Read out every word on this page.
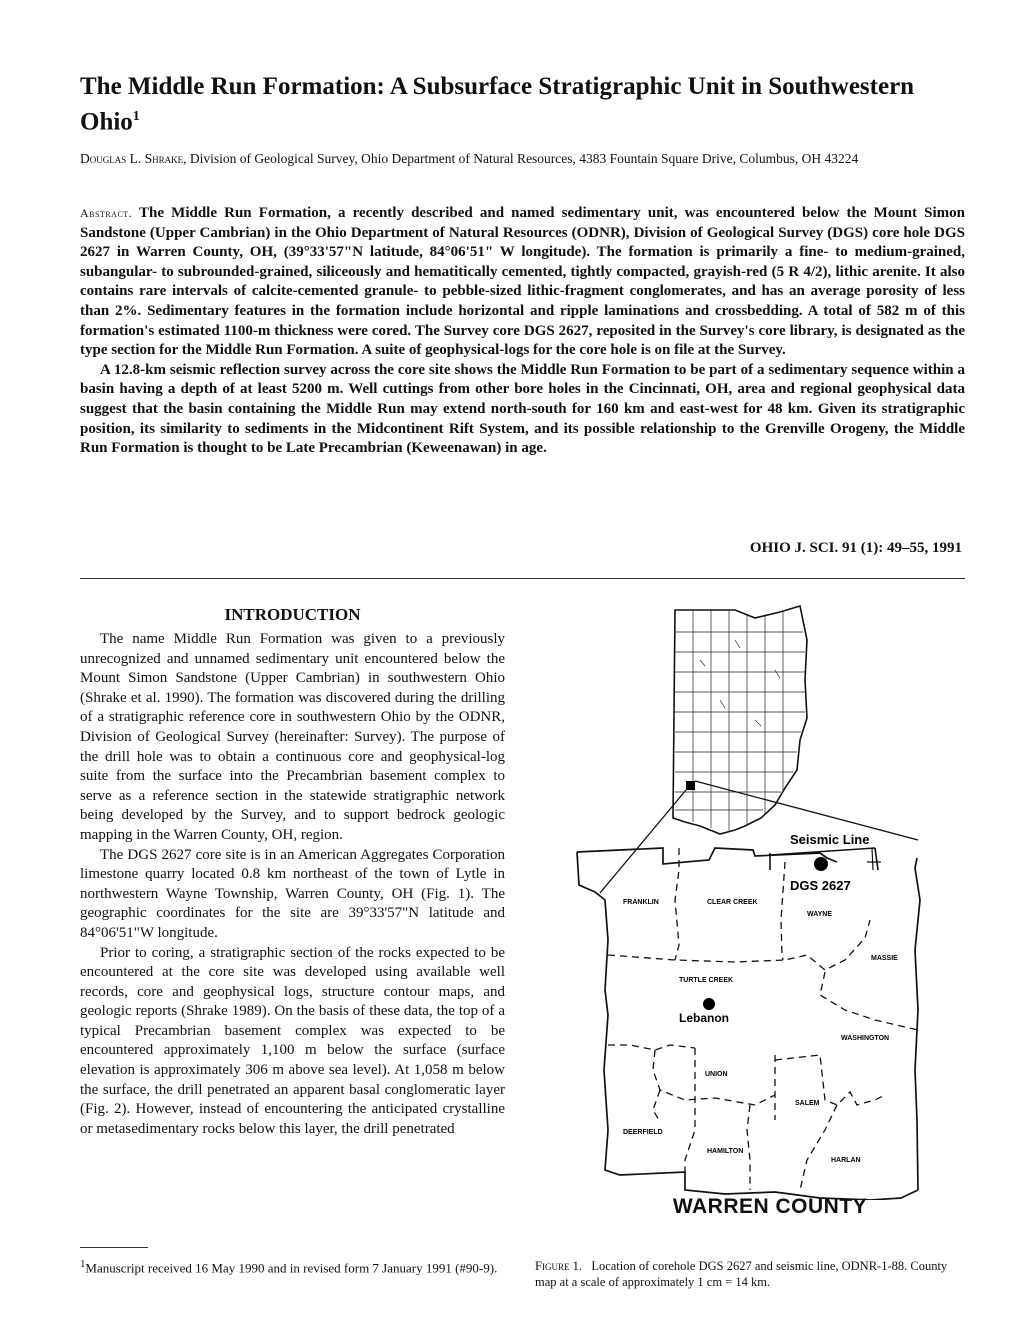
The Middle Run Formation: A Subsurface Stratigraphic Unit in Southwestern Ohio$^1$
Douglas L. Shrake, Division of Geological Survey, Ohio Department of Natural Resources, 4383 Fountain Square Drive, Columbus, OH 43224

Abstract. The Middle Run Formation, a recently described and named sedimentary unit, was encountered below the Mount Simon Sandstone (Upper Cambrian) in the Ohio Department of Natural Resources (ODNR), Division of Geological Survey (DGS) core hole DGS 2627 in Warren County, OH, (39°33'57"N latitude, 84°06'51" W longitude). The formation is primarily a fine- to medium-grained, subangular- to subrounded-grained, siliceously and hematitically cemented, tightly compacted, grayish-red (5 R 4/2), lithic arenite. It also contains rare intervals of calcite-cemented granule- to pebble-sized lithic-fragment conglomerates, and has an average porosity of less than 2%. Sedimentary features in the formation include horizontal and ripple laminations and crossbedding. A total of 582 m of this formation's estimated 1100-m thickness were cored. The Survey core DGS 2627, reposited in the Survey's core library, is designated as the type section for the Middle Run Formation. A suite of geophysical-logs for the core hole is on file at the Survey.

A 12.8-km seismic reflection survey across the core site shows the Middle Run Formation to be part of a sedimentary sequence within a basin having a depth of at least 5200 m. Well cuttings from other bore holes in the Cincinnati, OH, area and regional geophysical data suggest that the basin containing the Middle Run may extend north-south for 160 km and east-west for 48 km. Given its stratigraphic position, its similarity to sediments in the Midcontinent Rift System, and its possible relationship to the Grenville Orogeny, the Middle Run Formation is thought to be Late Precambrian (Keweenawan) in age.

OHIO J. SCI. 91 (1): 49–55, 1991
INTRODUCTION

The name Middle Run Formation was given to a previously unrecognized and unnamed sedimentary unit encountered below the Mount Simon Sandstone (Upper Cambrian) in southwestern Ohio (Shrake et al. 1990). The formation was discovered during the drilling of a stratigraphic reference core in southwestern Ohio by the ODNR, Division of Geological Survey (hereinafter: Survey). The purpose of the drill hole was to obtain a continuous core and geophysical-log suite from the surface into the Precambrian basement complex to serve as a reference section in the statewide stratigraphic network being developed by the Survey, and to support bedrock geologic mapping in the Warren County, OH, region.

The DGS 2627 core site is in an American Aggregates Corporation limestone quarry located 0.8 km northeast of the town of Lytle in northwestern Wayne Township, Warren County, OH (Fig. 1). The geographic coordinates for the site are 39°33'57"N latitude and 84°06'51"W longitude.

Prior to coring, a stratigraphic section of the rocks expected to be encountered at the core site was developed using available well records, core and geophysical logs, structure contour maps, and geologic reports (Shrake 1989). On the basis of these data, the top of a typical Precambrian basement complex was expected to be encountered approximately 1,100 m below the surface (surface elevation is approximately 306 m above sea level). At 1,058 m below the surface, the drill penetrated an apparent basal conglomeratic layer (Fig. 2). However, instead of encountering the anticipated crystalline or metasedimentary rocks below this layer, the drill penetrated

$^1$Manuscript received 16 May 1990 and in revised form 7 January 1991 (#90-9).
Seismic Line
DGS 2627
Lebanon
FRANKLIN	CLEAR CREEK
WAYNE
MASSIE
TURTLE CREEK
WASHINGTON
UNION
SALEM
DEERFIELD
HAMILTON
HARLAN
WARREN COUNTY
Figure 1. Location of corehole DGS 2627 and seismic line, ODNR-1-88. County map at a scale of approximately 1 cm = 14 km.
